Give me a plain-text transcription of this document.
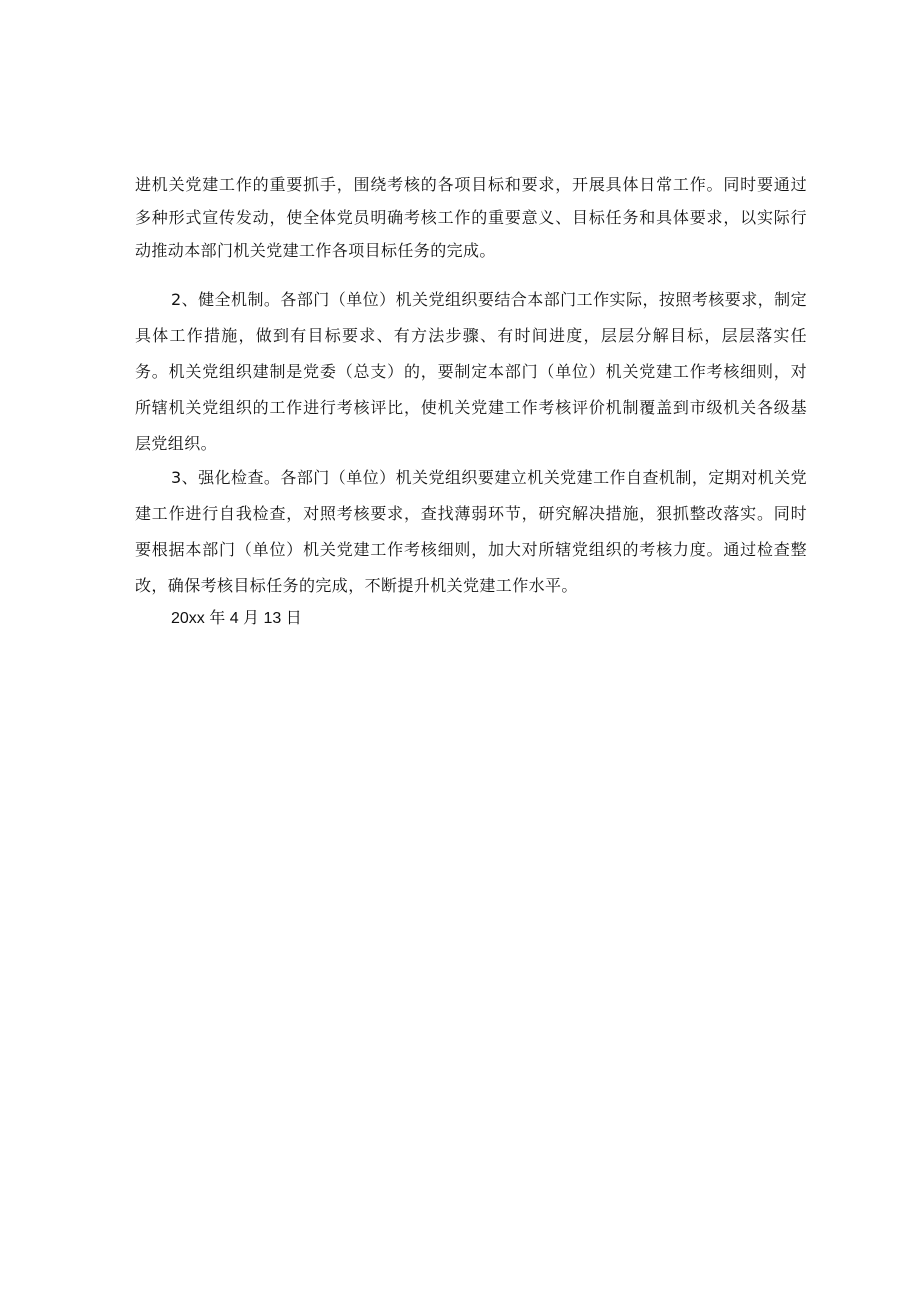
进机关党建工作的重要抓手，围绕考核的各项目标和要求，开展具体日常工作。同时要通过多种形式宣传发动，使全体党员明确考核工作的重要意义、目标任务和具体要求，以实际行动推动本部门机关党建工作各项目标任务的完成。

2、健全机制。各部门（单位）机关党组织要结合本部门工作实际，按照考核要求，制定具体工作措施，做到有目标要求、有方法步骤、有时间进度，层层分解目标，层层落实任务。机关党组织建制是党委（总支）的，要制定本部门（单位）机关党建工作考核细则，对所辖机关党组织的工作进行考核评比，使机关党建工作考核评价机制覆盖到市级机关各级基层党组织。

3、强化检查。各部门（单位）机关党组织要建立机关党建工作自查机制，定期对机关党建工作进行自我检查，对照考核要求，查找薄弱环节，研究解决措施，狠抓整改落实。同时要根据本部门（单位）机关党建工作考核细则，加大对所辖党组织的考核力度。通过检查整改，确保考核目标任务的完成，不断提升机关党建工作水平。

20xx 年 4 月 13 日
